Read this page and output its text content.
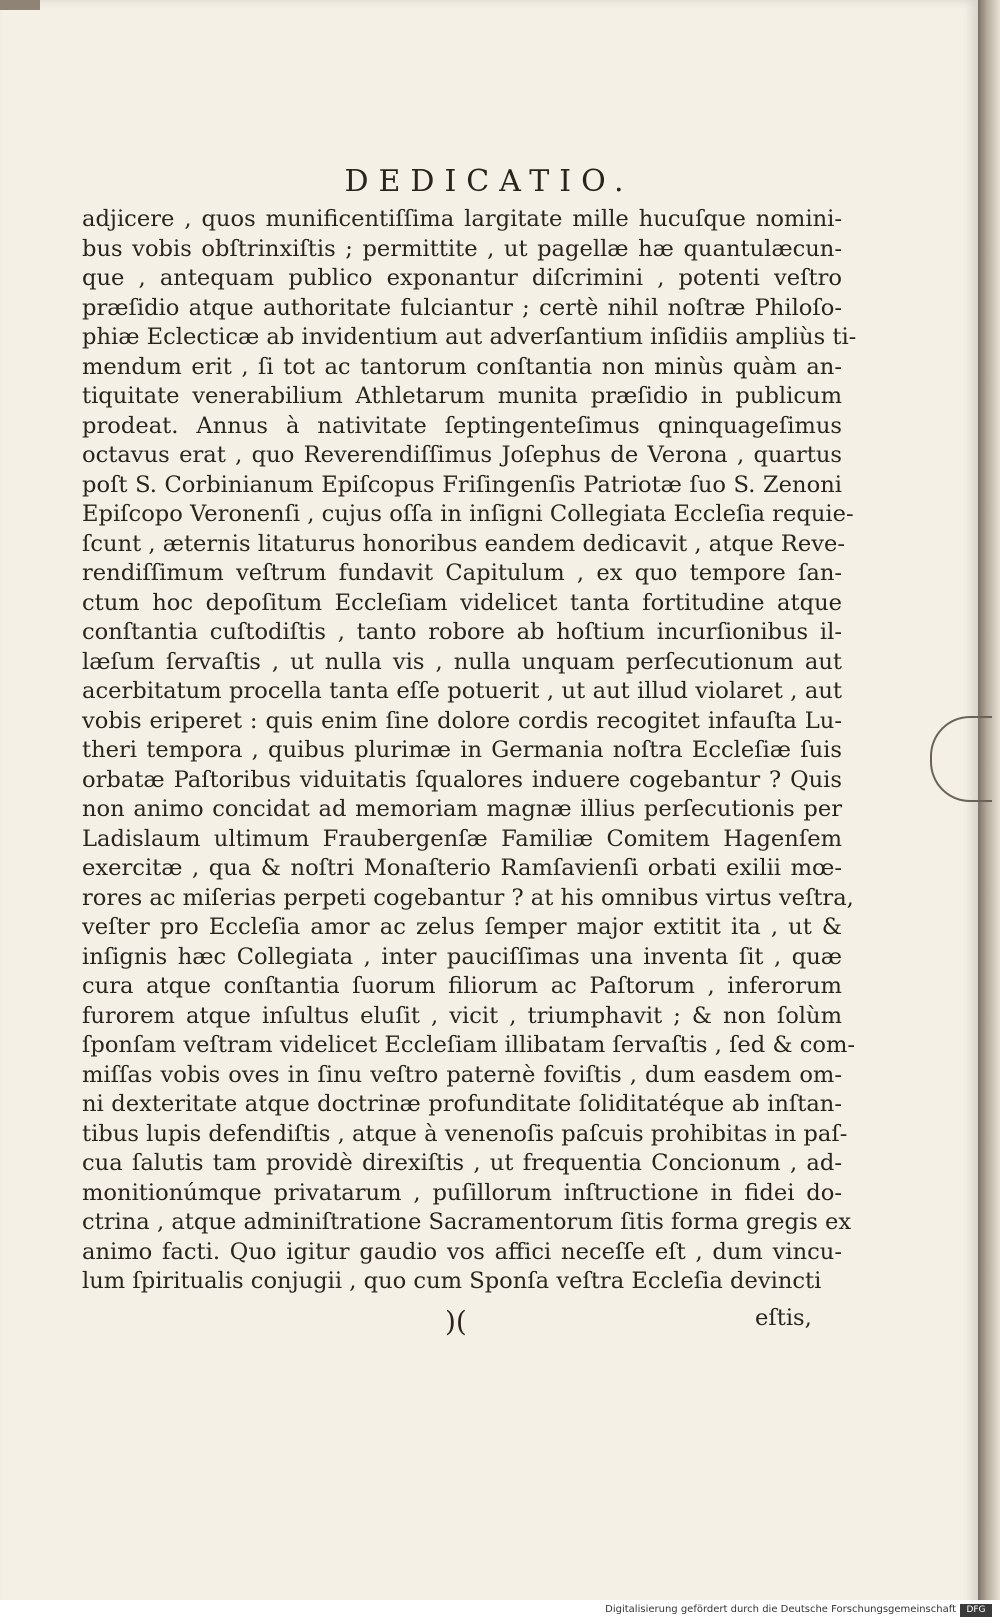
DEDICATIO.
adjicere , quos munificentiſſima largitate mille hucuſque nomini-
bus vobis obſtrinxiſtis ; permittite , ut pagellæ hæ quantulæcun-
que , antequam publico exponantur diſcrimini , potenti veſtro
præſidio atque authoritate fulciantur ; certè nihil noſtræ Philoſo-
phiæ Eclecticæ ab invidentium aut adverſantium inſidiis ampliùs ti-
mendum erit , ſi tot ac tantorum conſtantia non minùs quàm an-
tiquitate venerabilium Athletarum munita præſidio in publicum
prodeat. Annus à nativitate ſeptingenteſimus qninquageſimus
octavus erat , quo Reverendiſſimus Joſephus de Verona , quartus
poſt S. Corbinianum Epiſcopus Friſingenſis Patriotæ ſuo S. Zenoni
Epiſcopo Veronenſi , cujus oſſa in inſigni Collegiata Eccleſia requie-
ſcunt , æternis litaturus honoribus eandem dedicavit , atque Reve-
rendiſſimum veſtrum fundavit Capitulum , ex quo tempore ſan-
ctum hoc depoſitum Eccleſiam videlicet tanta fortitudine atque
conſtantia cuſtodiſtis , tanto robore ab hoſtium incurſionibus il-
læſum ſervaſtis , ut nulla vis , nulla unquam perſecutionum aut
acerbitatum procella tanta eſſe potuerit , ut aut illud violaret , aut
vobis eriperet : quis enim ſine dolore cordis recogitet infauſta Lu-
theri tempora , quibus plurimæ in Germania noſtra Eccleſiæ ſuis
orbatæ Paſtoribus viduitatis ſqualores induere cogebantur ? Quis
non animo concidat ad memoriam magnæ illius perſecutionis per
Ladislaum ultimum Fraubergenſæ Familiæ Comitem Hagenſem
exercitæ , qua & noſtri Monaſterio Ramſavienſi orbati exilii mœ-
rores ac miſerias perpeti cogebantur ? at his omnibus virtus veſtra,
veſter pro Eccleſia amor ac zelus ſemper major extitit ita , ut &
inſignis hæc Collegiata , inter pauciſſimas una inventa ſit , quæ
cura atque conſtantia ſuorum filiorum ac Paſtorum , inferorum
furorem atque inſultus eluſit , vicit , triumphavit ; & non ſolùm
ſponſam veſtram videlicet Eccleſiam illibatam ſervaſtis , ſed & com-
miſſas vobis oves in ſinu veſtro paternè foviſtis , dum easdem om-
ni dexteritate atque doctrinæ profunditate ſoliditatéque ab inſtan-
tibus lupis defendiſtis , atque à venenoſis paſcuis prohibitas in paſ-
cua ſalutis tam providè direxiſtis , ut frequentia Concionum , ad-
monitionúmque privatarum , puſillorum inſtructione in fidei do-
ctrina , atque adminiſtratione Sacramentorum ſitis forma gregis ex
animo facti. Quo igitur gaudio vos affici neceſſe eſt , dum vincu-
lum ſpiritualis conjugii , quo cum Sponſa veſtra Eccleſia devincti
)(	eſtis,
Digitalisierung gefördert durch die Deutsche Forschungsgemeinschaft	DFG
